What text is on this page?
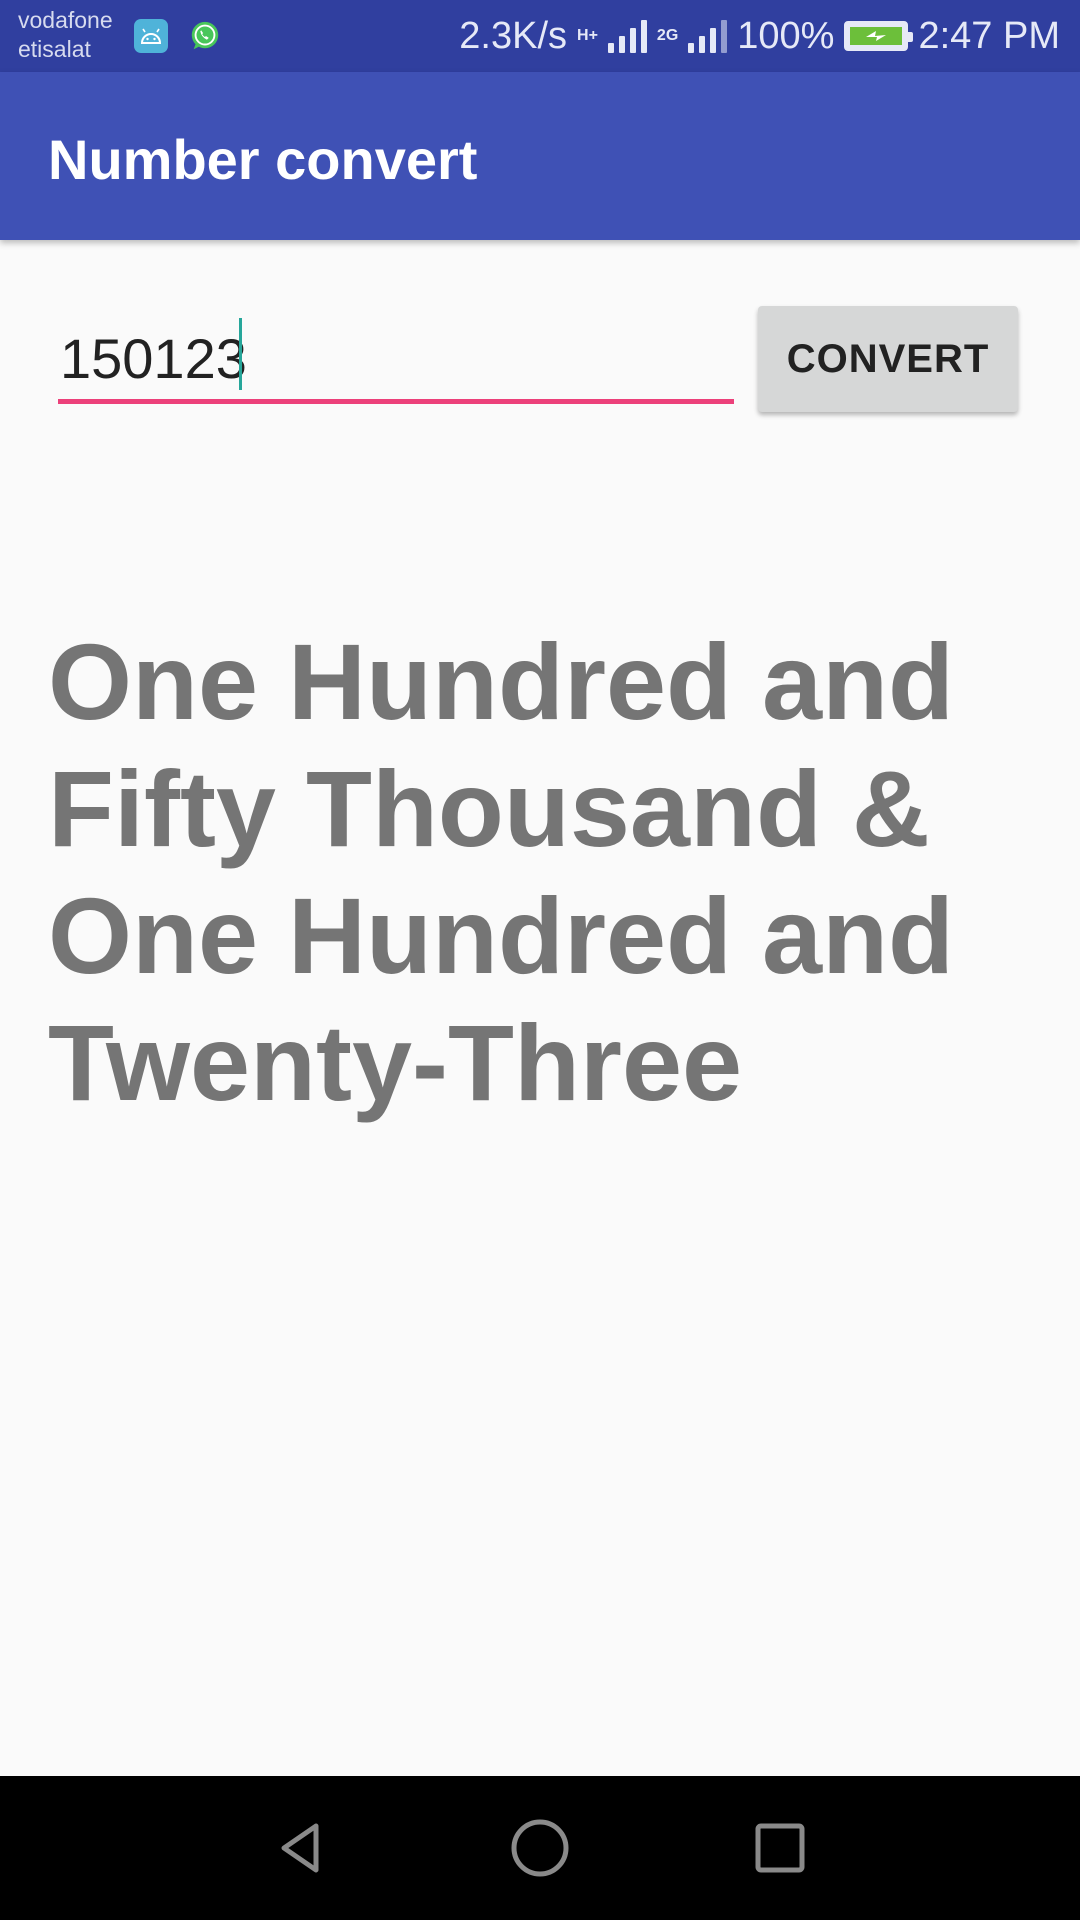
vodafone
etisalat	2.3K/s H+	2G 100% 2:47 PM
Number convert
150123
CONVERT
One Hundred and Fifty Thousand & One Hundred and Twenty-Three
